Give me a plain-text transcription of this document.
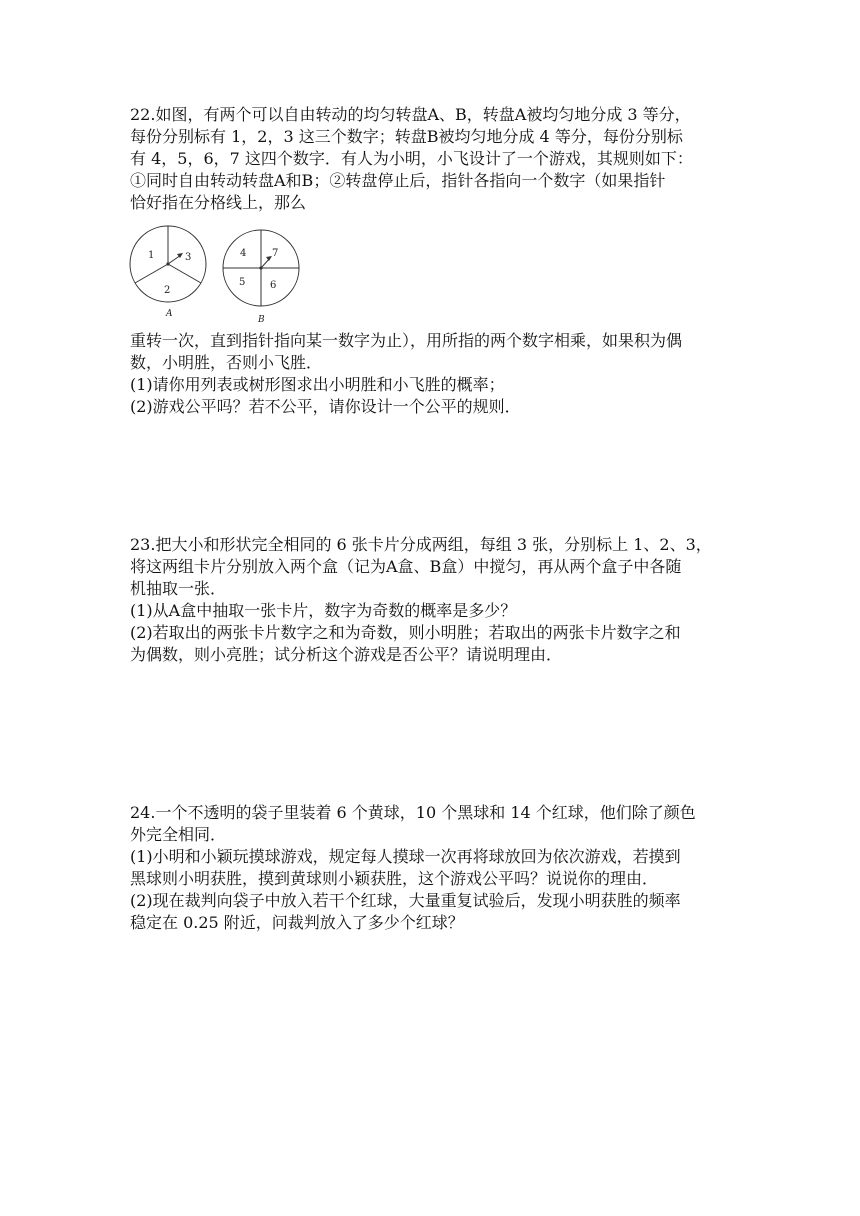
22.如图，有两个可以自由转动的均匀转盘A、B，转盘A被均匀地分成 3 等分，

每份分别标有 1，2，3 这三个数字；转盘B被均匀地分成 4 等分，每份分别标

有 4，5，6，7 这四个数字．有人为小明，小飞设计了一个游戏，其规则如下：

①同时自由转动转盘A和B；②转盘停止后，指针各指向一个数字（如果指针

恰好指在分格线上，那么

1	3
2
A
4	7
5 6
B

重转一次，直到指针指向某一数字为止），用所指的两个数字相乘，如果积为偶

数，小明胜，否则小飞胜．

(1)请你用列表或树形图求出小明胜和小飞胜的概率；

(2)游戏公平吗？若不公平，请你设计一个公平的规则．

23.把大小和形状完全相同的 6 张卡片分成两组，每组 3 张，分别标上 1、2、3，

将这两组卡片分别放入两个盒（记为A盒、B盒）中搅匀，再从两个盒子中各随

机抽取一张．

(1)从A盒中抽取一张卡片，数字为奇数的概率是多少？

(2)若取出的两张卡片数字之和为奇数，则小明胜；若取出的两张卡片数字之和

为偶数，则小亮胜；试分析这个游戏是否公平？请说明理由．

24.一个不透明的袋子里装着 6 个黄球，10 个黑球和 14 个红球，他们除了颜色

外完全相同．

(1)小明和小颖玩摸球游戏，规定每人摸球一次再将球放回为依次游戏，若摸到

黑球则小明获胜，摸到黄球则小颖获胜，这个游戏公平吗？说说你的理由．

(2)现在裁判向袋子中放入若干个红球，大量重复试验后，发现小明获胜的频率

稳定在 0.25 附近，问裁判放入了多少个红球？
